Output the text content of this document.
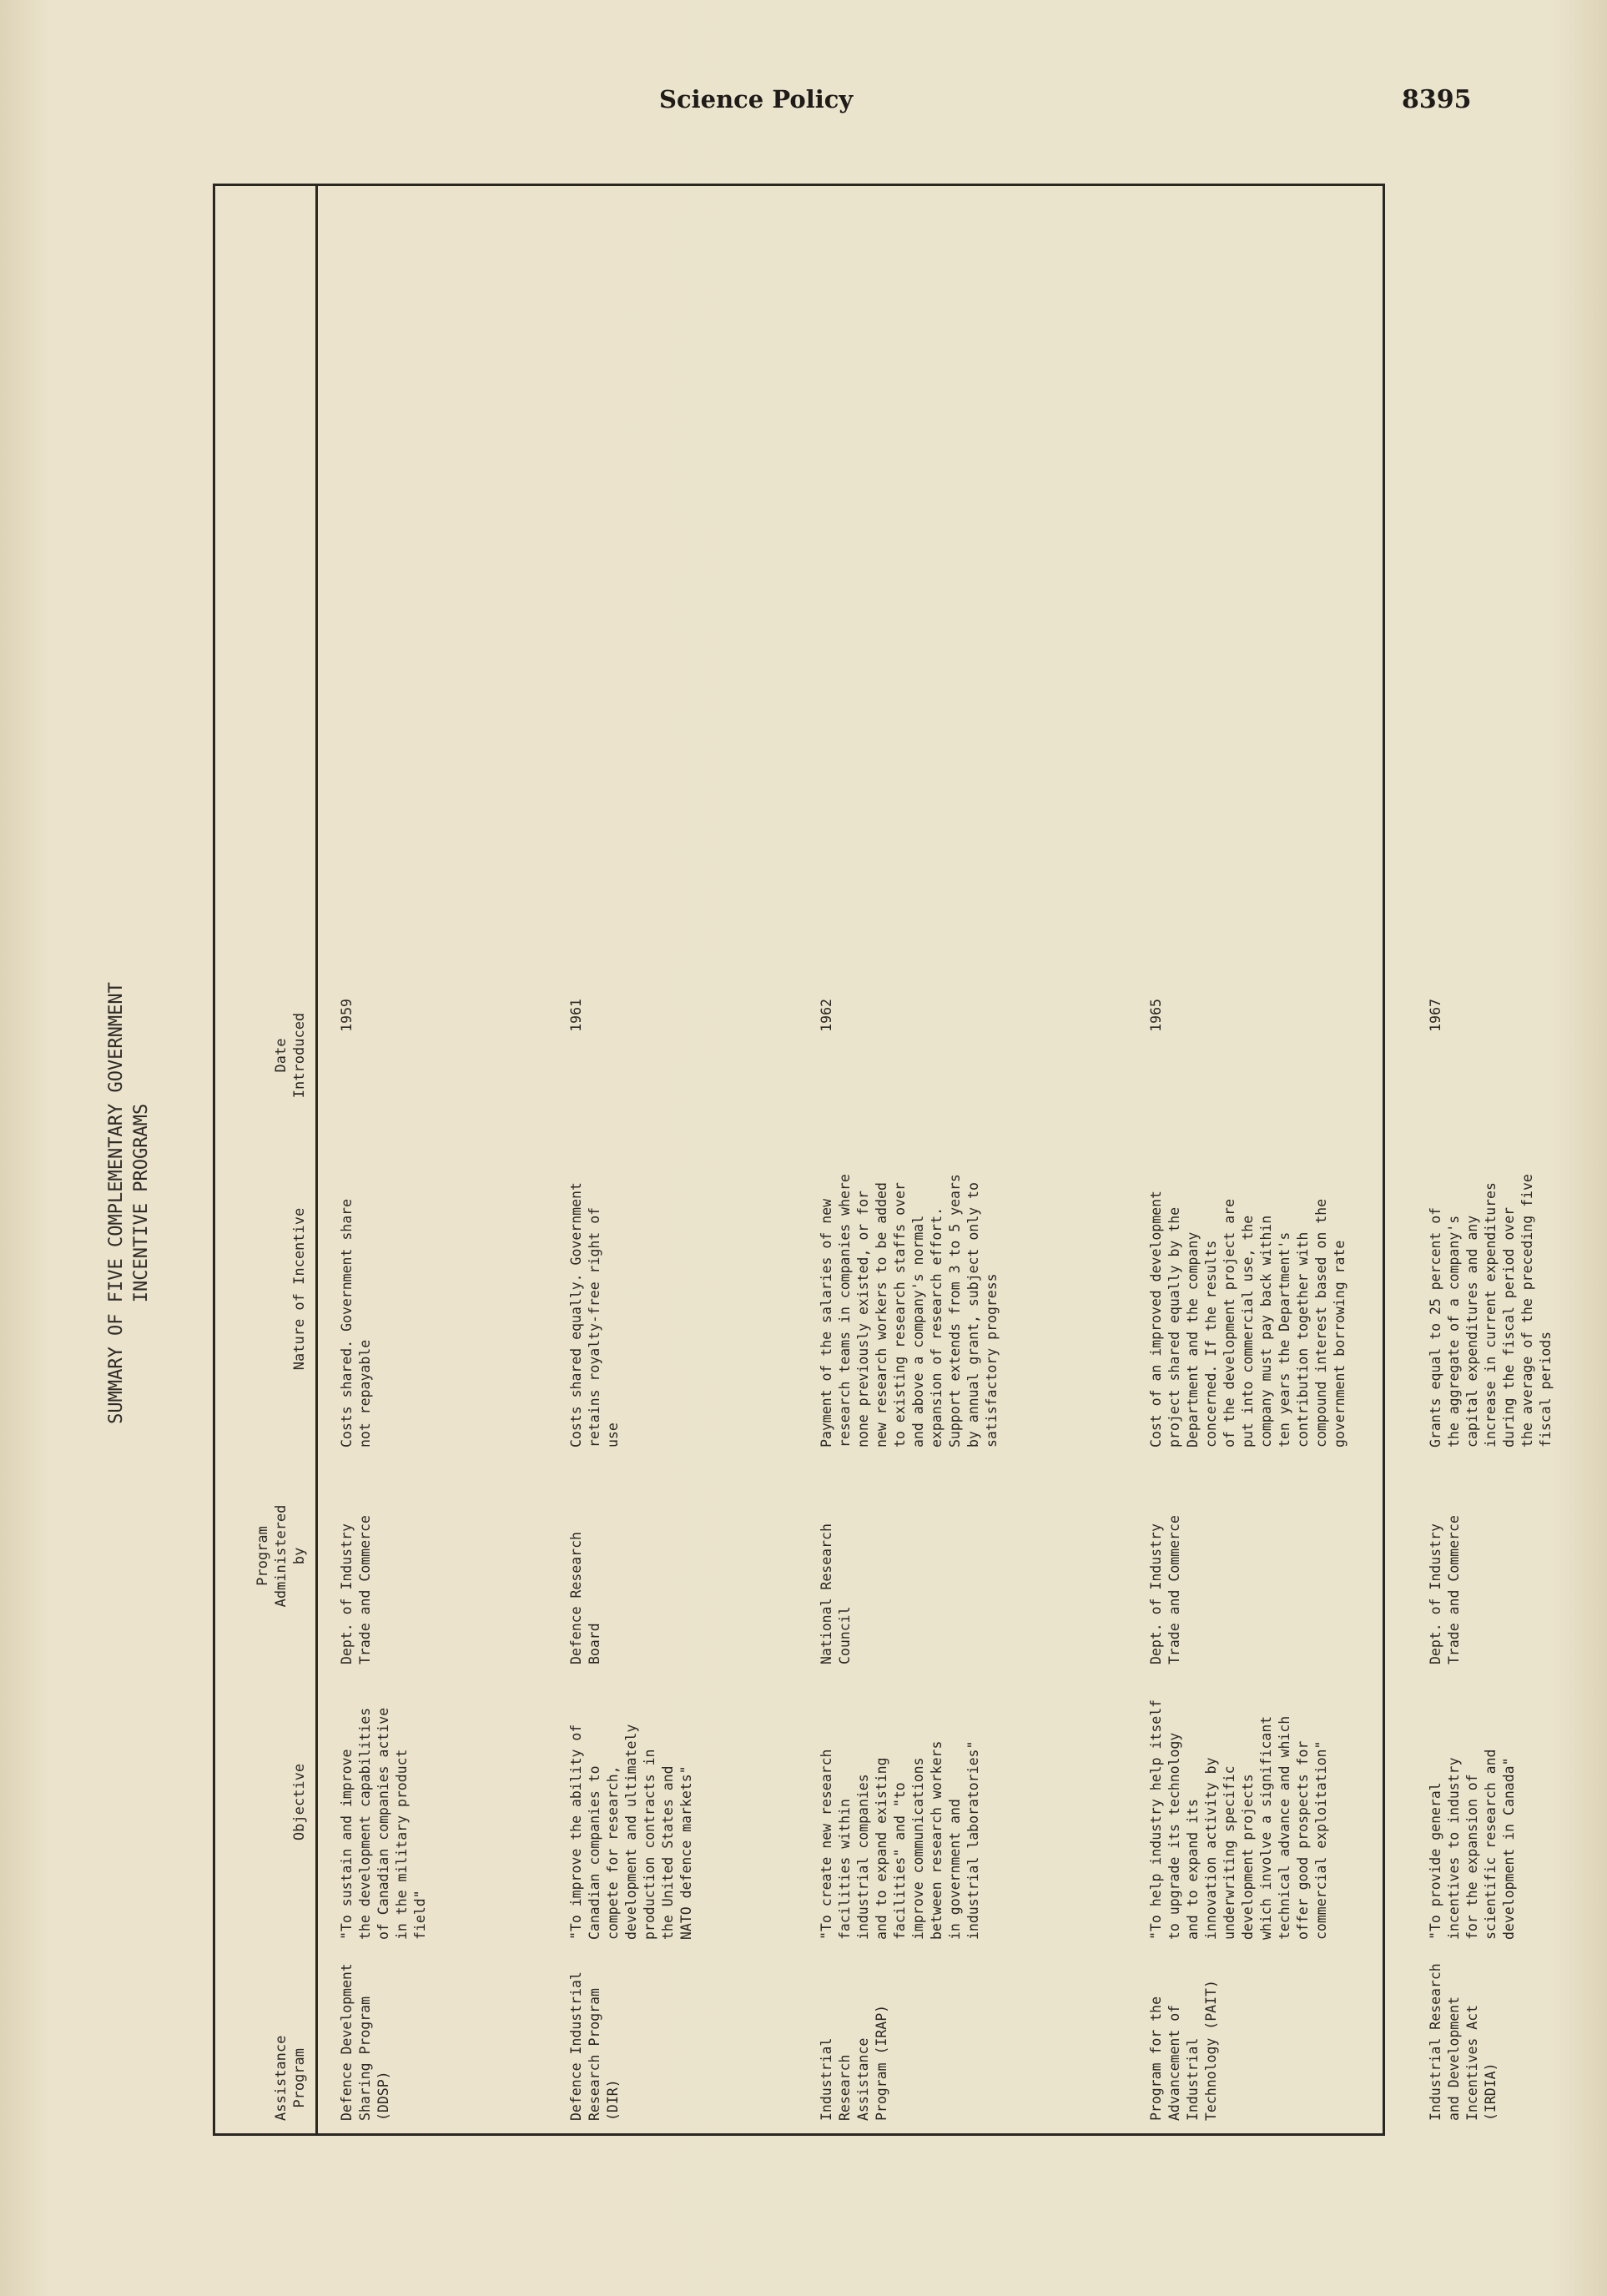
Science Policy	8395
SUMMARY OF FIVE COMPLEMENTARY GOVERNMENT
INCENTIVE PROGRAMS
Assistance
Program
Objective
Program
Administered
by
Nature of Incentive
Date
Introduced
Defence Development
Sharing Program
(DDSP)
"To sustain and improve
the development capabilities
of Canadian companies active
in the military product
field"
Dept. of Industry
Trade and Commerce
Costs shared. Government share
not repayable
1959
Defence Industrial
Research Program
(DIR)
"To improve the ability of
Canadian companies to
compete for research,
development and ultimately
production contracts in
the United States and
NATO defence markets"
Defence Research
Board
Costs shared equally. Government
retains royalty-free right of
use
1961
Industrial
Research
Assistance
Program (IRAP)
"To create new research
facilities within
industrial companies
and to expand existing
facilities" and "to
improve communications
between research workers
in government and
industrial laboratories"
National Research
Council
Payment of the salaries of new
research teams in companies where
none previously existed, or for
new research workers to be added
to existing research staffs over
and above a company's normal
expansion of research effort.
Support extends from 3 to 5 years
by annual grant, subject only to
satisfactory progress
1962
Program for the
Advancement of
Industrial
Technology (PAIT)
"To help industry help itself
to upgrade its technology
and to expand its
innovation activity by
underwriting specific
development projects
which involve a significant
technical advance and which
offer good prospects for
commercial exploitation"
Dept. of Industry
Trade and Commerce
Cost of an improved development
project shared equally by the
Department and the company
concerned. If the results
of the development project are
put into commercial use, the
company must pay back within
ten years the Department's
contribution together with
compound interest based on the
government borrowing rate
1965
Industrial Research
and Development
Incentives Act
(IRDIA)
"To provide general
incentives to industry
for the expansion of
scientific research and
development in Canada"
Dept. of Industry
Trade and Commerce
Grants equal to 25 percent of
the aggregate of a company's
capital expenditures and any
increase in current expenditures
during the fiscal period over
the average of the preceding five
fiscal periods
1967
